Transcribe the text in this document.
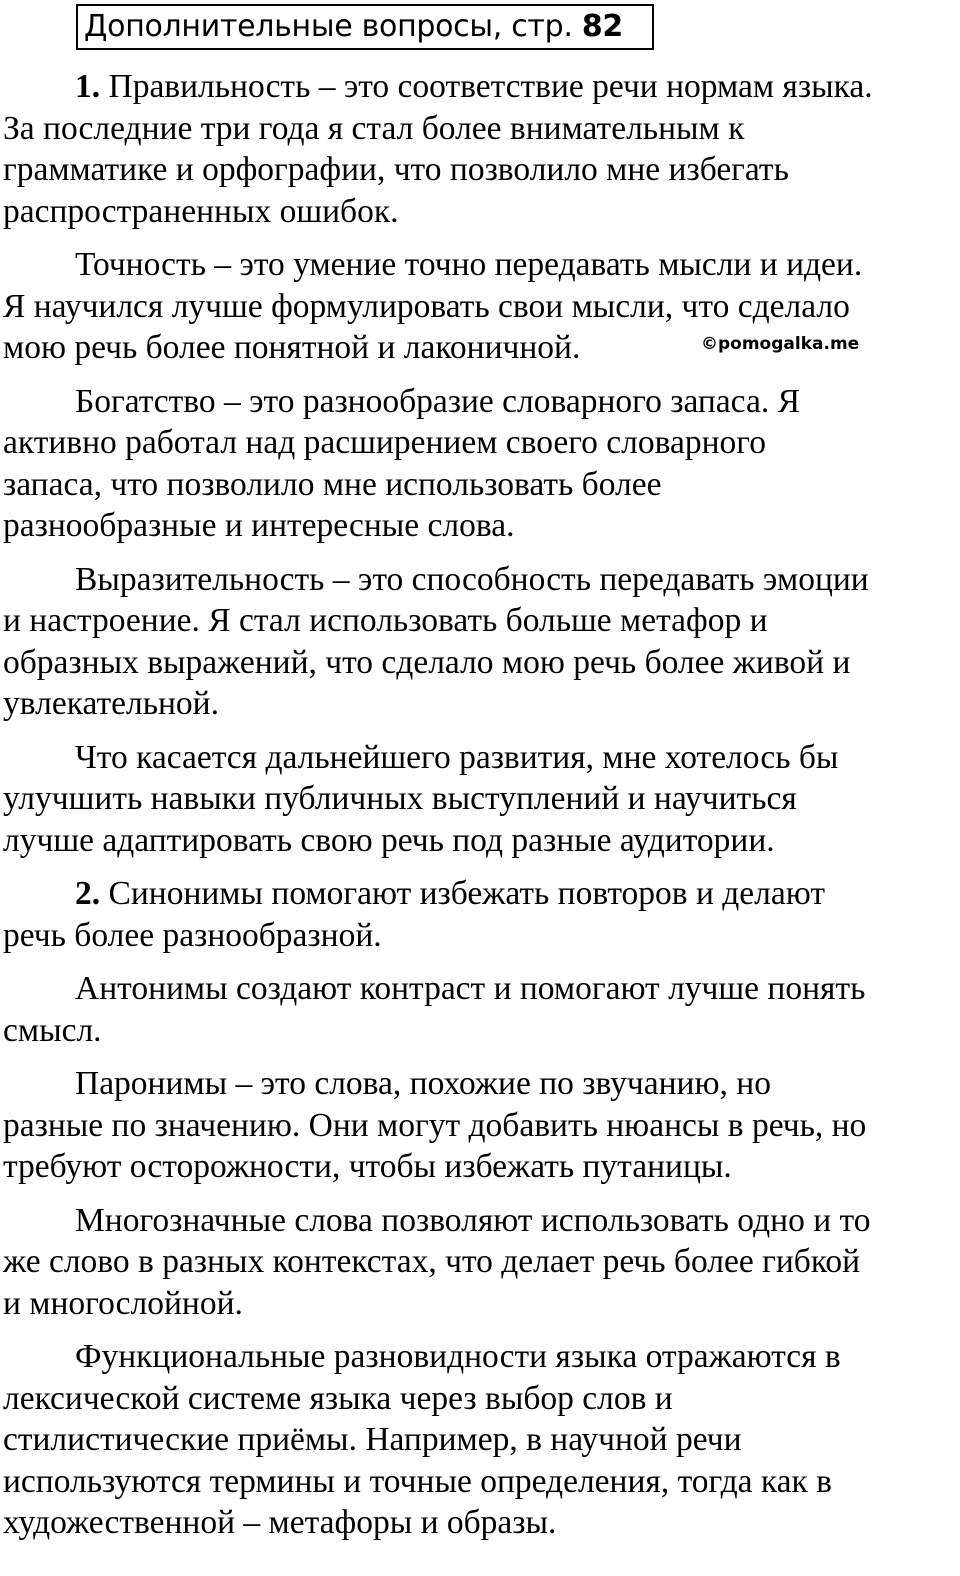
Дополнительные вопросы, стр. 82
©pomogalka.me

1. Правильность – это соответствие речи нормам языка.
За последние три года я стал более внимательным к
грамматике и орфографии, что позволило мне избегать
распространенных ошибок.

Точность – это умение точно передавать мысли и идеи.
Я научился лучше формулировать свои мысли, что сделало
мою речь более понятной и лаконичной.

Богатство – это разнообразие словарного запаса. Я
активно работал над расширением своего словарного
запаса, что позволило мне использовать более
разнообразные и интересные слова.

Выразительность – это способность передавать эмоции
и настроение. Я стал использовать больше метафор и
образных выражений, что сделало мою речь более живой и
увлекательной.

Что касается дальнейшего развития, мне хотелось бы
улучшить навыки публичных выступлений и научиться
лучше адаптировать свою речь под разные аудитории.

2. Синонимы помогают избежать повторов и делают
речь более разнообразной.

Антонимы создают контраст и помогают лучше понять
смысл.

Паронимы – это слова, похожие по звучанию, но
разные по значению. Они могут добавить нюансы в речь, но
требуют осторожности, чтобы избежать путаницы.

Многозначные слова позволяют использовать одно и то
же слово в разных контекстах, что делает речь более гибкой
и многослойной.

Функциональные разновидности языка отражаются в
лексической системе языка через выбор слов и
стилистические приёмы. Например, в научной речи
используются термины и точные определения, тогда как в
художественной – метафоры и образы.
